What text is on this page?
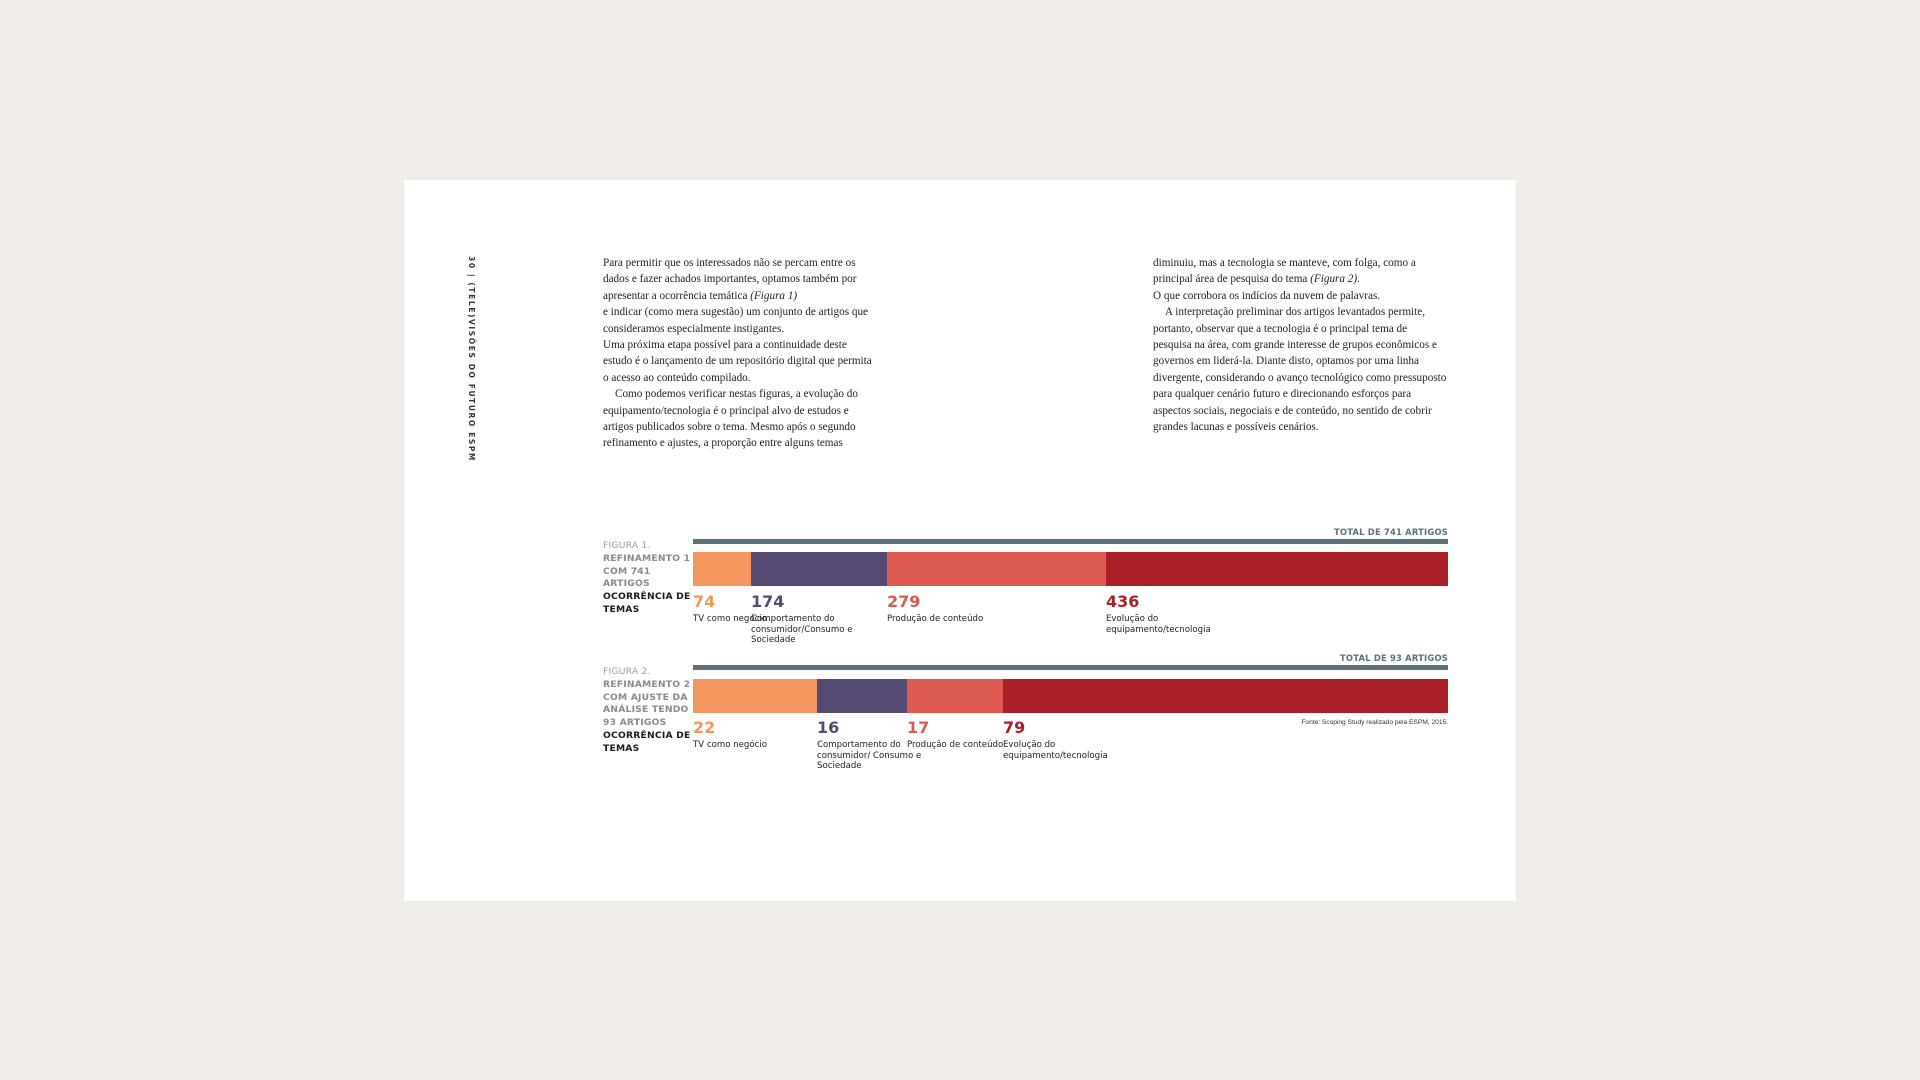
30 | (TELE)VISÕES DO FUTURO ESPM	Para permitir que os interessados não se percam entre os dados e fazer achados importantes, optamos também por apresentar a ocorrência temática (Figura 1)

e indicar (como mera sugestão) um conjunto de artigos que consideramos especialmente instigantes.

Uma próxima etapa possível para a continuidade deste estudo é o lançamento de um repositório digital que permita o acesso ao conteúdo compilado.

Como podemos verificar nestas figuras, a evolução do equipamento/tecnologia é o principal alvo de estudos e artigos publicados sobre o tema. Mesmo após o segundo refinamento e ajustes, a proporção entre alguns temas

diminuiu, mas a tecnologia se manteve, com folga, como a principal área de pesquisa do tema (Figura 2).

O que corrobora os indícios da nuvem de palavras.

A interpretação preliminar dos artigos levantados permite, portanto, observar que a tecnologia é o principal tema de pesquisa na área, com grande interesse de grupos econômicos e governos em liderá-la. Diante disto, optamos por uma linha divergente, considerando o avanço tecnológico como pressuposto para qualquer cenário futuro e direcionando esforços para aspectos sociais, negociais e de conteúdo, no sentido de cobrir grandes lacunas e possíveis cenários.

FIGURA 1.
REFINAMENTO 1 COM 741 ARTIGOS
OCORRÊNCIA DE TEMAS
TOTAL DE 741 ARTIGOS
74
TV como negócio
174
Comportamento do consumidor/Consumo e Sociedade
279
Produção de conteúdo
436
Evolução do equipamento/tecnologia
FIGURA 2.
REFINAMENTO 2 COM AJUSTE DA ANÁLISE TENDO 93 ARTIGOS
OCORRÊNCIA DE TEMAS
TOTAL DE 93 ARTIGOS
22
TV como negócio
16
Comportamento do consumidor/ Consumo e Sociedade
17
Produção de conteúdo
79
Evolução do equipamento/tecnologia
Fonte: Scoping Study realizado pela ESPM, 2015.
